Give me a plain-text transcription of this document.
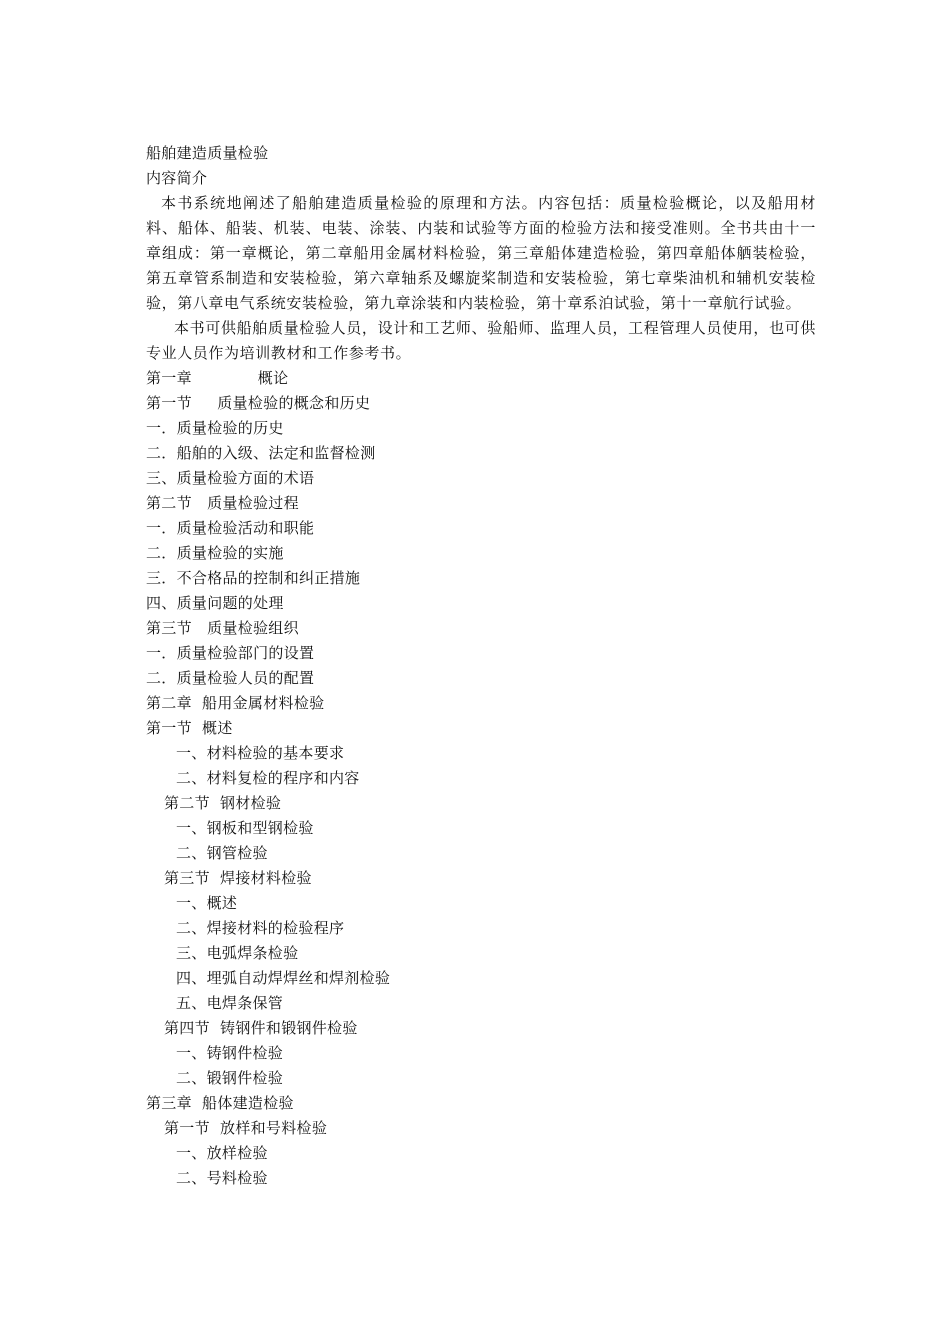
船舶建造质量检验
内容简介
本书系统地阐述了船舶建造质量检验的原理和方法。内容包括：质量检验概论，以及船用材料、船体、船装、机装、电装、涂装、内装和试验等方面的检验方法和接受准则。全书共由十一章组成：第一章概论，第二章船用金属材料检验，第三章船体建造检验，第四章船体舾装检验，第五章管系制造和安装检验，第六章轴系及螺旋桨制造和安装检验，第七章柴油机和辅机安装检验，第八章电气系统安装检验，第九章涂装和内装检验，第十章系泊试验，第十一章航行试验。
本书可供船舶质量检验人员，设计和工艺师、验船师、监理人员，工程管理人员使用，也可供专业人员作为培训教材和工作参考书。
第一章             概论
第一节     质量检验的概念和历史
一．质量检验的历史
二．船舶的入级、法定和监督检测
三、质量检验方面的术语
第二节   质量检验过程
一．质量检验活动和职能
二．质量检验的实施
三．不合格品的控制和纠正措施
四、质量问题的处理
第三节   质量检验组织
一．质量检验部门的设置
二．质量检验人员的配置
第二章  船用金属材料检验
第一节  概述
一、材料检验的基本要求
二、材料复检的程序和内容
第二节  钢材检验
一、钢板和型钢检验
二、钢管检验
第三节  焊接材料检验
一、概述
二、焊接材料的检验程序
三、电弧焊条检验
四、埋弧自动焊焊丝和焊剂检验
五、电焊条保管
第四节  铸钢件和锻钢件检验
一、铸钢件检验
二、锻钢件检验
第三章  船体建造检验
第一节  放样和号料检验
一、放样检验
二、号料检验
